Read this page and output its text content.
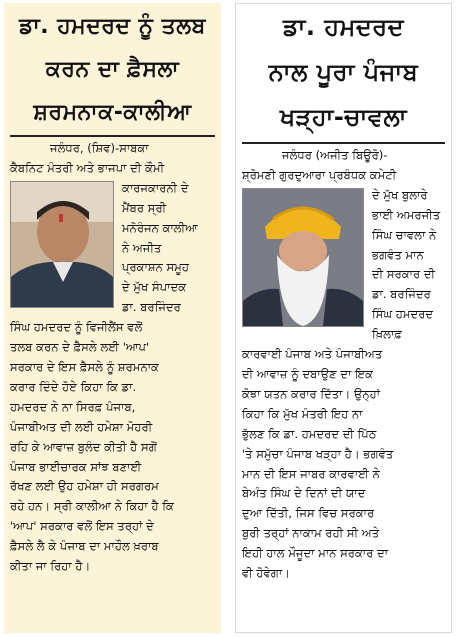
ਡਾ. ਹਮਦਰਦ ਨੂੰ ਤਲਬ
ਕਰਨ ਦਾ ਫ਼ੈਸਲਾ
ਸ਼ਰਮਨਾਕ-ਕਾਲੀਆ
ਜਲੰਧਰ, (ਸ਼ਿਵ)-ਸਾਬਕਾ
ਕੈਬਨਿਟ ਮੰਤਰੀ ਅਤੇ ਭਾਜਪਾ ਦੀ ਕੌਮੀ
ਕਾਰਜਕਾਰਨੀ ਦੇ
ਮੈਂਬਰ ਸ੍ਰੀ
ਮਨੋਰੰਜਨ ਕਾਲੀਆ
ਨੇ ਅਜੀਤ
ਪ੍ਰਕਾਸ਼ਨ ਸਮੂਹ
ਦੇ ਮੁੱਖ ਸੰਪਾਦਕ
ਡਾ. ਬਰਜਿੰਦਰ
ਸਿੰਘ ਹਮਦਰਦ ਨੂੰ ਵਿਜੀਲੈਂਸ ਵਲੋਂ
ਤਲਬ ਕਰਨ ਦੇ ਫ਼ੈਸਲੇ ਲਈ 'ਆਪ'
ਸਰਕਾਰ ਦੇ ਇਸ ਫ਼ੈਸਲੇ ਨੂੰ ਸ਼ਰਮਨਾਕ
ਕਰਾਰ ਦਿੰਦੇ ਹੋਏ ਕਿਹਾ ਕਿ ਡਾ.
ਹਮਦਰਦ ਨੇ ਨਾ ਸਿਰਫ਼ ਪੰਜਾਬ,
ਪੰਜਾਬੀਅਤ ਦੀ ਲਈ ਹਮੇਸ਼ਾ ਮੋਹਰੀ
ਰਹਿ ਕੇ ਆਵਾਜ਼ ਬੁਲੰਦ ਕੀਤੀ ਹੈ ਸਗੋਂ
ਪੰਜਾਬ ਭਾਈਚਾਰਕ ਸਾਂਝ ਬਣਾਈ
ਰੱਖਣ ਲਈ ਉਹ ਹਮੇਸ਼ਾ ਹੀ ਸਰਗਰਮ
ਰਹੇ ਹਨ। ਸ੍ਰੀ ਕਾਲੀਆ ਨੇ ਕਿਹਾ ਹੈ ਕਿ
'ਆਪ' ਸਰਕਾਰ ਵਲੋਂ ਇਸ ਤਰ੍ਹਾਂ ਦੇ
ਫ਼ੈਸਲੇ ਲੈ ਕੇ ਪੰਜਾਬ ਦਾ ਮਾਹੌਲ ਖ਼ਰਾਬ
ਕੀਤਾ ਜਾ ਰਿਹਾ ਹੈ।
ਡਾ. ਹਮਦਰਦ
ਨਾਲ ਪੂਰਾ ਪੰਜਾਬ
ਖੜ੍ਹਾ-ਚਾਵਲਾ
ਜਲੰਧਰ (ਅਜੀਤ ਬਿਊਰੋ)-
ਸ਼੍ਰੋਮਣੀ ਗੁਰਦੁਆਰਾ ਪ੍ਰਬੰਧਕ ਕਮੇਟੀ
ਦੇ ਮੁੱਖ ਬੁਲਾਰੇ
ਭਾਈ ਅਮਰਜੀਤ
ਸਿੰਘ ਚਾਵਲਾ ਨੇ
ਭਗਵੰਤ ਮਾਨ
ਦੀ ਸਰਕਾਰ ਦੀ
ਡਾ. ਬਰਜਿੰਦਰ
ਸਿੰਘ ਹਮਦਰਦ
ਖ਼ਿਲਾਫ਼
ਕਾਰਵਾਈ ਪੰਜਾਬ ਅਤੇ ਪੰਜਾਬੀਅਤ
ਦੀ ਆਵਾਜ਼ ਨੂੰ ਦਬਾਉਣ ਦਾ ਇਕ
ਕੋਝਾ ਯਤਨ ਕਰਾਰ ਦਿੱਤਾ। ਉਨ੍ਹਾਂ
ਕਿਹਾ ਕਿ ਮੁੱਖ ਮੰਤਰੀ ਇਹ ਨਾ
ਭੁੱਲਣ ਕਿ ਡਾ. ਹਮਦਰਦ ਦੀ ਪਿੱਠ
'ਤੇ ਸਮੁੱਚਾ ਪੰਜਾਬ ਖੜ੍ਹਾ ਹੈ। ਭਗਵੰਤ
ਮਾਨ ਦੀ ਇਸ ਜਾਬਰ ਕਾਰਵਾਈ ਨੇ
ਬੇਅੰਤ ਸਿੰਘ ਦੇ ਦਿਨਾਂ ਦੀ ਯਾਦ
ਦੁਆ ਦਿੱਤੀ, ਜਿਸ ਵਿਚ ਸਰਕਾਰ
ਬੁਰੀ ਤਰ੍ਹਾਂ ਨਾਕਾਮ ਰਹੀ ਸੀ ਅਤੇ
ਇਹੀ ਹਾਲ ਮੌਜੂਦਾ ਮਾਨ ਸਰਕਾਰ ਦਾ
ਵੀ ਹੋਵੇਗਾ।
